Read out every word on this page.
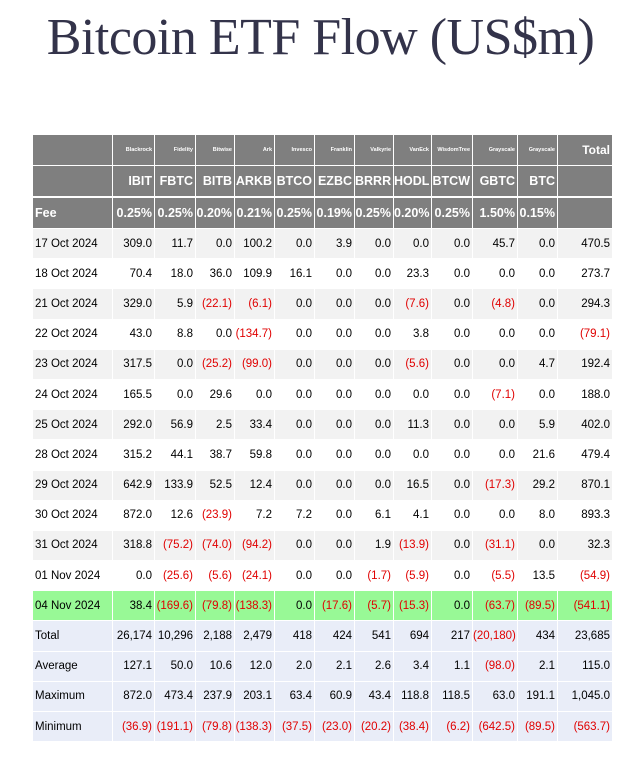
Bitcoin ETF Flow (US$m)
	Blackrock	Fidelity	Bitwise	Ark	Invesco	Franklin	Valkyrie	VanEck	WisdomTree	Grayscale	Grayscale	Total
	IBIT	FBTC	BITB	ARKB	BTCO	EZBC	BRRR	HODL	BTCW	GBTC	BTC	
Fee	0.25%	0.25%	0.20%	0.21%	0.25%	0.19%	0.25%	0.20%	0.25%	1.50%	0.15%	
17 Oct 2024	309.0	11.7	0.0	100.2	0.0	3.9	0.0	0.0	0.0	45.7	0.0	470.5
18 Oct 2024	70.4	18.0	36.0	109.9	16.1	0.0	0.0	23.3	0.0	0.0	0.0	273.7
21 Oct 2024	329.0	5.9	(22.1)	(6.1)	0.0	0.0	0.0	(7.6)	0.0	(4.8)	0.0	294.3
22 Oct 2024	43.0	8.8	0.0	(134.7)	0.0	0.0	0.0	3.8	0.0	0.0	0.0	(79.1)
23 Oct 2024	317.5	0.0	(25.2)	(99.0)	0.0	0.0	0.0	(5.6)	0.0	0.0	4.7	192.4
24 Oct 2024	165.5	0.0	29.6	0.0	0.0	0.0	0.0	0.0	0.0	(7.1)	0.0	188.0
25 Oct 2024	292.0	56.9	2.5	33.4	0.0	0.0	0.0	11.3	0.0	0.0	5.9	402.0
28 Oct 2024	315.2	44.1	38.7	59.8	0.0	0.0	0.0	0.0	0.0	0.0	21.6	479.4
29 Oct 2024	642.9	133.9	52.5	12.4	0.0	0.0	0.0	16.5	0.0	(17.3)	29.2	870.1
30 Oct 2024	872.0	12.6	(23.9)	7.2	7.2	0.0	6.1	4.1	0.0	0.0	8.0	893.3
31 Oct 2024	318.8	(75.2)	(74.0)	(94.2)	0.0	0.0	1.9	(13.9)	0.0	(31.1)	0.0	32.3
01 Nov 2024	0.0	(25.6)	(5.6)	(24.1)	0.0	0.0	(1.7)	(5.9)	0.0	(5.5)	13.5	(54.9)
04 Nov 2024	38.4	(169.6)	(79.8)	(138.3)	0.0	(17.6)	(5.7)	(15.3)	0.0	(63.7)	(89.5)	(541.1)
Total	26,174	10,296	2,188	2,479	418	424	541	694	217	(20,180)	434	23,685
Average	127.1	50.0	10.6	12.0	2.0	2.1	2.6	3.4	1.1	(98.0)	2.1	115.0
Maximum	872.0	473.4	237.9	203.1	63.4	60.9	43.4	118.8	118.5	63.0	191.1	1,045.0
Minimum	(36.9)	(191.1)	(79.8)	(138.3)	(37.5)	(23.0)	(20.2)	(38.4)	(6.2)	(642.5)	(89.5)	(563.7)
